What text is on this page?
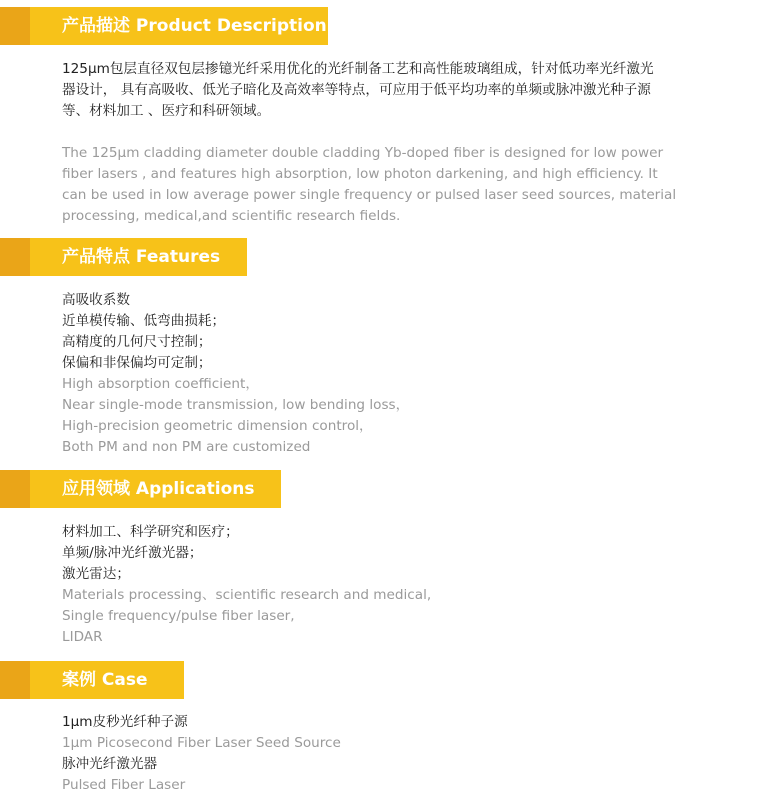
产品描述 Product Description
125μm包层直径双包层掺镱光纤采用优化的光纤制备工艺和高性能玻璃组成，针对低功率光纤激光
器设计， 具有高吸收、低光子暗化及高效率等特点，可应用于低平均功率的单频或脉冲激光种子源
等、材料加工 、医疗和科研领域。
The 125μm cladding diameter double cladding Yb-doped fiber is designed for low power
fiber lasers , and features high absorption, low photon darkening, and high efficiency. It
can be used in low average power single frequency or pulsed laser seed sources, material
processing, medical,and scientific research fields.
产品特点 Features
高吸收系数
近单模传输、低弯曲损耗；
高精度的几何尺寸控制；
保偏和非保偏均可定制；
High absorption coefficient，
Near single-mode transmission, low bending loss，
High-precision geometric dimension control，
Both PM and non PM are customized
应用领域 Applications
材料加工、科学研究和医疗；
单频/脉冲光纤激光器；
激光雷达；
Materials processing、scientific research and medical,
Single frequency/pulse fiber laser,
LIDAR
案例 Case
1μm皮秒光纤种子源
1μm Picosecond Fiber Laser Seed Source
脉冲光纤激光器
Pulsed Fiber Laser
